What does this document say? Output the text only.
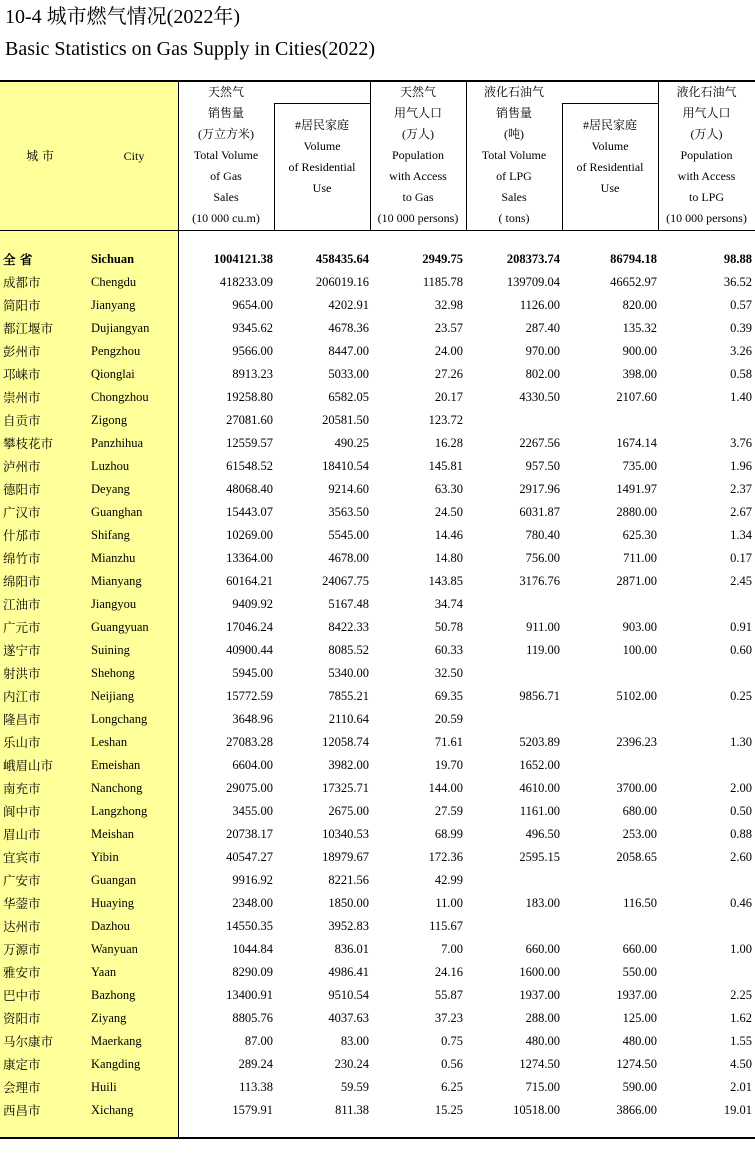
10-4 城市燃气情况(2022年)
Basic Statistics on Gas Supply in Cities(2022)
城 市	City
天然气
销售量
(万立方米)
Total Volume
of Gas
Sales
(10 000 cu.m)
#居民家庭
Volume
of Residential
Use
天然气
用气人口
(万人)
Population
with Access
to Gas
(10 000 persons)
液化石油气
销售量
(吨)
Total Volume
of LPG
Sales
( tons)
#居民家庭
Volume
of Residential
Use
液化石油气
用气人口
(万人)
Population
with Access
to LPG
(10 000 persons)
全 省	Sichuan	1004121.38	458435.64	2949.75	208373.74	86794.18	98.88
成都市	Chengdu	418233.09	206019.16	1185.78	139709.04	46652.97	36.52
简阳市	Jianyang	9654.00	4202.91	32.98	1126.00	820.00	0.57
都江堰市	Dujiangyan	9345.62	4678.36	23.57	287.40	135.32	0.39
彭州市	Pengzhou	9566.00	8447.00	24.00	970.00	900.00	3.26
邛崃市	Qionglai	8913.23	5033.00	27.26	802.00	398.00	0.58
崇州市	Chongzhou	19258.80	6582.05	20.17	4330.50	2107.60	1.40
自贡市	Zigong	27081.60	20581.50	123.72
攀枝花市	Panzhihua	12559.57	490.25	16.28	2267.56	1674.14	3.76
泸州市	Luzhou	61548.52	18410.54	145.81	957.50	735.00	1.96
德阳市	Deyang	48068.40	9214.60	63.30	2917.96	1491.97	2.37
广汉市	Guanghan	15443.07	3563.50	24.50	6031.87	2880.00	2.67
什邡市	Shifang	10269.00	5545.00	14.46	780.40	625.30	1.34
绵竹市	Mianzhu	13364.00	4678.00	14.80	756.00	711.00	0.17
绵阳市	Mianyang	60164.21	24067.75	143.85	3176.76	2871.00	2.45
江油市	Jiangyou	9409.92	5167.48	34.74
广元市	Guangyuan	17046.24	8422.33	50.78	911.00	903.00	0.91
遂宁市	Suining	40900.44	8085.52	60.33	119.00	100.00	0.60
射洪市	Shehong	5945.00	5340.00	32.50
内江市	Neijiang	15772.59	7855.21	69.35	9856.71	5102.00	0.25
隆昌市	Longchang	3648.96	2110.64	20.59
乐山市	Leshan	27083.28	12058.74	71.61	5203.89	2396.23	1.30
峨眉山市	Emeishan	6604.00	3982.00	19.70	1652.00
南充市	Nanchong	29075.00	17325.71	144.00	4610.00	3700.00	2.00
阆中市	Langzhong	3455.00	2675.00	27.59	1161.00	680.00	0.50
眉山市	Meishan	20738.17	10340.53	68.99	496.50	253.00	0.88
宜宾市	Yibin	40547.27	18979.67	172.36	2595.15	2058.65	2.60
广安市	Guangan	9916.92	8221.56	42.99
华蓥市	Huaying	2348.00	1850.00	11.00	183.00	116.50	0.46
达州市	Dazhou	14550.35	3952.83	115.67
万源市	Wanyuan	1044.84	836.01	7.00	660.00	660.00	1.00
雅安市	Yaan	8290.09	4986.41	24.16	1600.00	550.00
巴中市	Bazhong	13400.91	9510.54	55.87	1937.00	1937.00	2.25
资阳市	Ziyang	8805.76	4037.63	37.23	288.00	125.00	1.62
马尔康市	Maerkang	87.00	83.00	0.75	480.00	480.00	1.55
康定市	Kangding	289.24	230.24	0.56	1274.50	1274.50	4.50
会理市	Huili	113.38	59.59	6.25	715.00	590.00	2.01
西昌市	Xichang	1579.91	811.38	15.25	10518.00	3866.00	19.01
